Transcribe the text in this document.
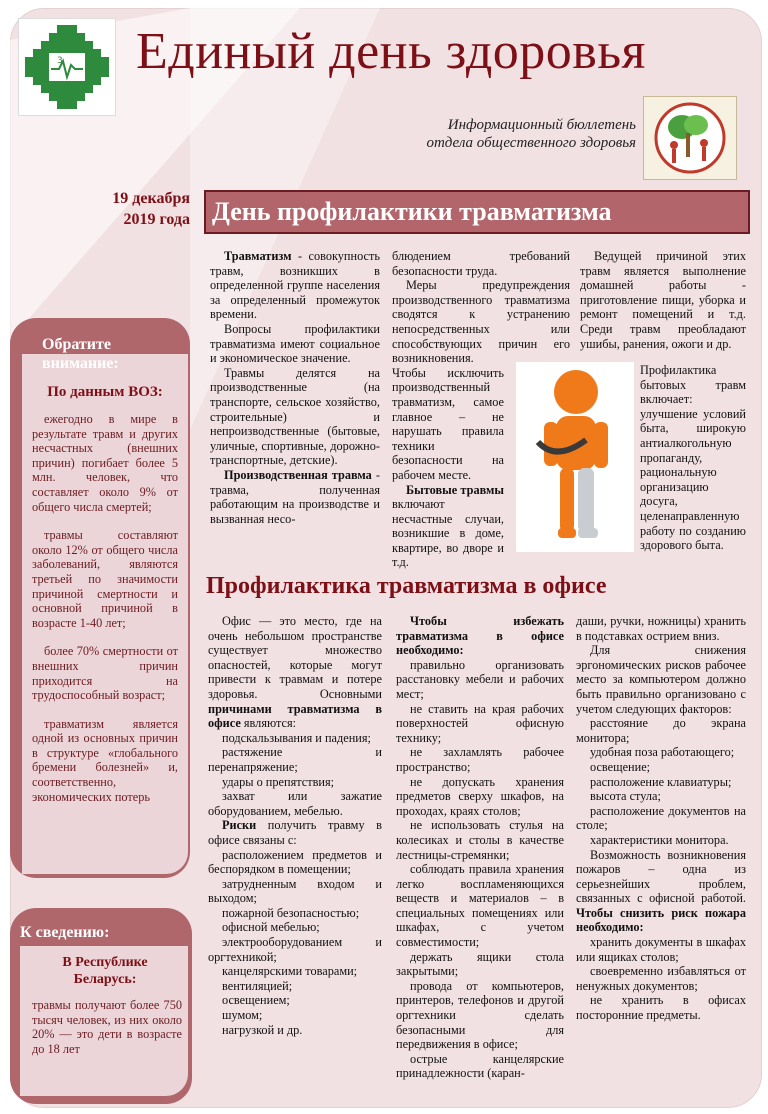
3 Единый день здоровья
Информационный бюллетень
отдела общественного здоровья
19 декабря
2019 года День профилактики травматизма

Травматизм - совокупность травм, возникших в определенной группе населения за определенный промежуток времени.

Вопросы профилактики травматизма имеют социальное и экономическое значение.

Травмы делятся на производственные (на транспорте, сельское хозяйство, строительные) и непроизводственные (бытовые, уличные, спортивные, дорожно-транспортные, детские).

Производственная травма - травма, полученная работающим на производстве и вызванная несо-

блюдением требований безопасности труда.

Меры предупреждения производственного травматизма сводятся к устранению непосредственных или способствующих причин его возникновения.

Чтобы исключить производственный травматизм, самое главное – не нарушать правила техники безопасности на рабочем месте.

Бытовые травмы включают несчастные случаи, возникшие в доме, квартире, во дворе и т.д.

Ведущей причиной этих травм является выполнение домашней работы - приготовление пищи, уборка и ремонт помещений и т.д. Среди травм преобладают ушибы, ранения, ожоги и др.

Профилактика бытовых травм включает: улучшение условий быта, широкую антиалкогольную пропаганду, рациональную организацию досуга, целенаправленную работу по созданию здорового быта.

Обратите внимание:
По данным ВОЗ:

ежегодно в мире в результате травм и других несчастных (внешних причин) погибает более 5 млн. человек, что составляет около 9% от общего числа смертей;

травмы составляют около 12% от общего числа заболеваний, являются третьей по значимости причиной смертности и основной причиной в возрасте 1-40 лет;

более 70% смертности от внешних причин приходится на трудоспособный возраст;

травматизм является одной из основных причин в структуре «глобального бремени болезней» и, соответственно, экономических потерь

К сведению:
В Республике
Беларусь:
травмы получают более 750 тысяч человек, из них около 20% — это дети в возрасте до 18 лет
Профилактика травматизма в офисе

Офис — это место, где на очень небольшом пространстве существует множество опасностей, которые могут привести к травмам и потере здоровья. Основными причинами травматизма в офисе являются:

подскальзывания и падения;

растяжение и перенапряжение;

удары о препятствия;

захват или зажатие оборудованием, мебелью.

Риски получить травму в офисе связаны с:

расположением предметов и беспорядком в помещении;

затрудненным входом и выходом;

пожарной безопасностью;

офисной мебелью;

электрооборудованием и оргтехникой;

канцелярскими товарами;

вентиляцией;

освещением;

шумом;

нагрузкой и др.

Чтобы избежать травматизма в офисе необходимо:

правильно организовать расстановку мебели и рабочих мест;

не ставить на края рабочих поверхностей офисную технику;

не захламлять рабочее пространство;

не допускать хранения предметов сверху шкафов, на проходах, краях столов;

не использовать стулья на колесиках и столы в качестве лестницы-стремянки;

соблюдать правила хранения легко воспламеняющихся веществ и материалов – в специальных помещениях или шкафах, с учетом совместимости;

держать ящики стола закрытыми;

провода от компьютеров, принтеров, телефонов и другой оргтехники сделать безопасными для передвижения в офисе;

острые канцелярские принадлежности (каран-

даши, ручки, ножницы) хранить в подставках острием вниз.

Для снижения эргономических рисков рабочее место за компьютером должно быть правильно организовано с учетом следующих факторов:

расстояние до экрана монитора;

удобная поза работающего;

освещение;

расположение клавиатуры;

высота стула;

расположение документов на столе;

характеристики монитора.

Возможность возникновения пожаров – одна из серьезнейших проблем, связанных с офисной работой. Чтобы снизить риск пожара необходимо:

хранить документы в шкафах или ящиках столов;

своевременно избавляться от ненужных документов;

не хранить в офисах посторонние предметы.
